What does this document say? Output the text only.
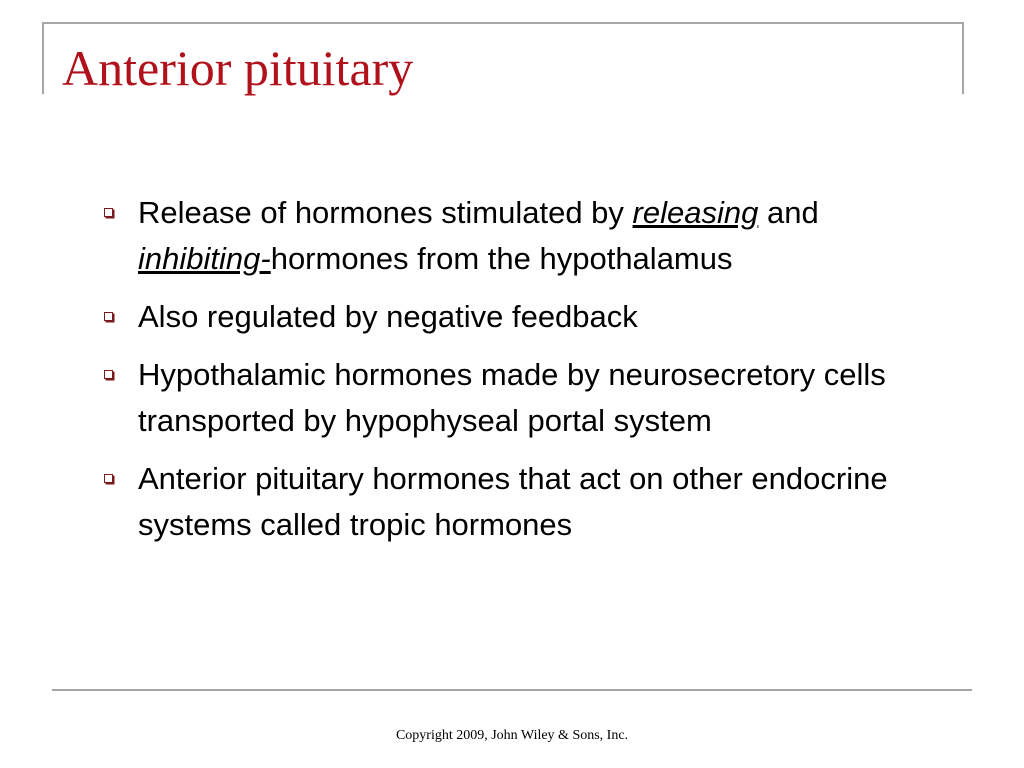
Anterior pituitary
Release of hormones stimulated by releasing and inhibiting-hormones from the hypothalamus
Also regulated by negative feedback
Hypothalamic hormones made by neurosecretory cells transported by hypophyseal portal system
Anterior pituitary hormones that act on other endocrine systems called tropic hormones
Copyright 2009, John Wiley & Sons, Inc.
